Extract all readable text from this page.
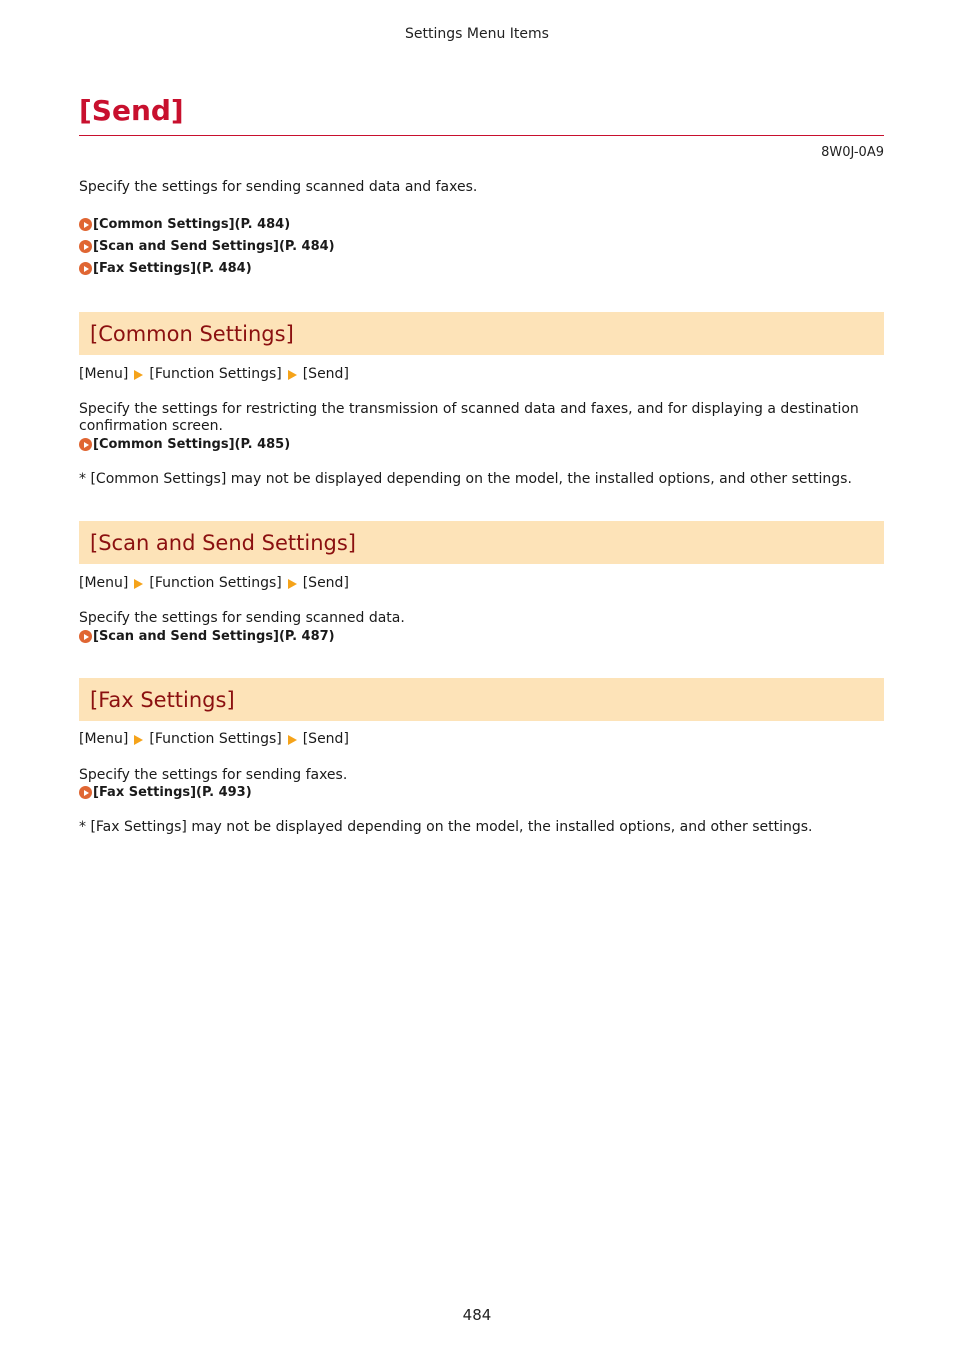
Settings Menu Items
[Send]
8W0J-0A9
Specify the settings for sending scanned data and faxes.
[Common Settings](P. 484)
[Scan and Send Settings](P. 484)
[Fax Settings](P. 484)
[Common Settings]
[Menu] [Function Settings] [Send]
Specify the settings for restricting the transmission of scanned data and faxes, and for displaying a destination confirmation screen.
[Common Settings](P. 485)
* [Common Settings] may not be displayed depending on the model, the installed options, and other settings.
[Scan and Send Settings]
[Menu] [Function Settings] [Send]
Specify the settings for sending scanned data.
[Scan and Send Settings](P. 487)
[Fax Settings]
[Menu] [Function Settings] [Send]
Specify the settings for sending faxes.
[Fax Settings](P. 493)
* [Fax Settings] may not be displayed depending on the model, the installed options, and other settings.
484
